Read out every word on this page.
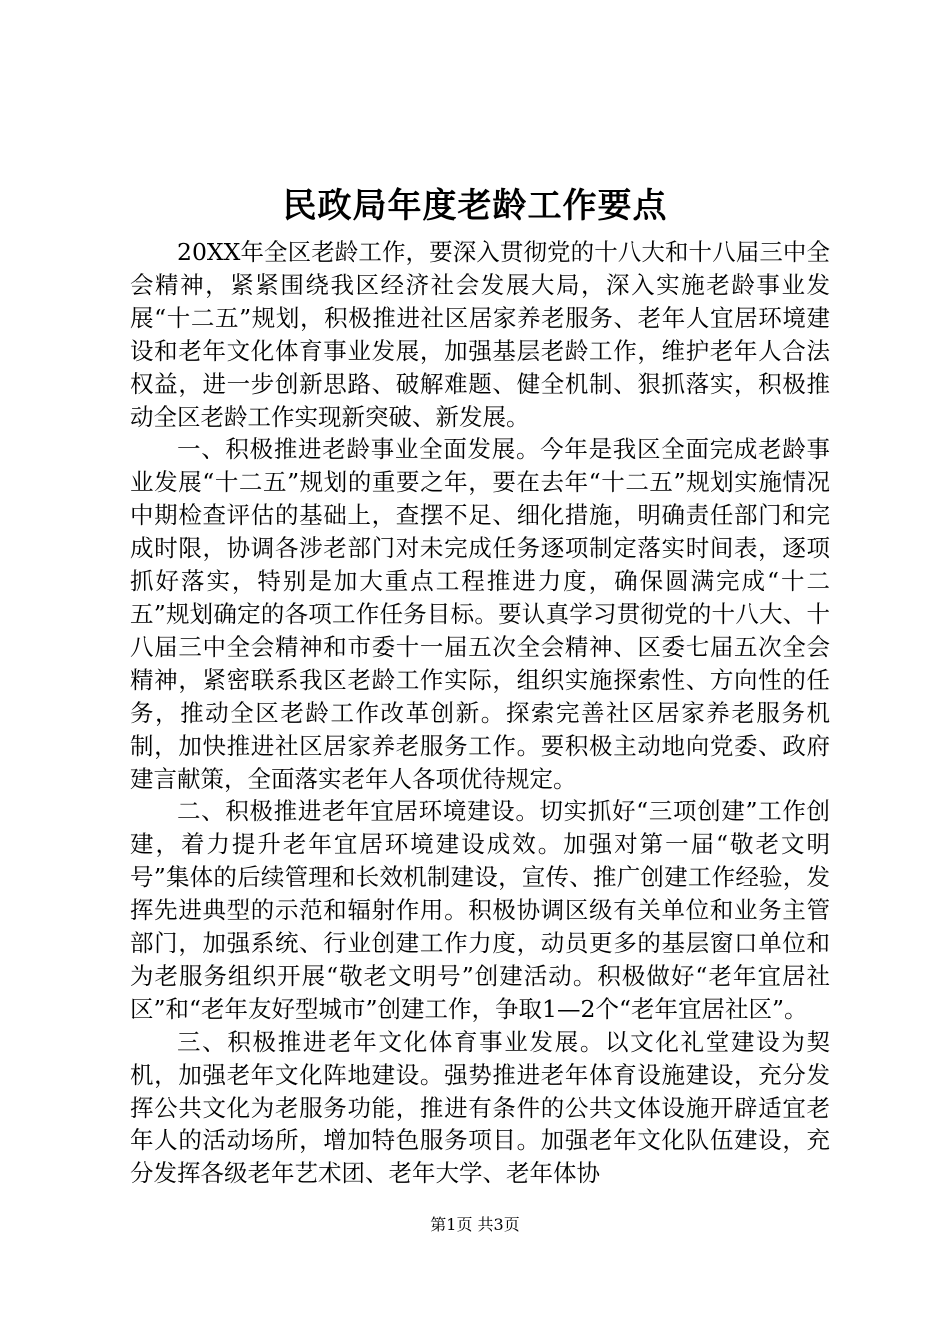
民政局年度老龄工作要点

20XX年全区老龄工作，要深入贯彻党的十八大和十八届三中全会精神，紧紧围绕我区经济社会发展大局，深入实施老龄事业发展“十二五”规划，积极推进社区居家养老服务、老年人宜居环境建设和老年文化体育事业发展，加强基层老龄工作，维护老年人合法权益，进一步创新思路、破解难题、健全机制、狠抓落实，积极推动全区老龄工作实现新突破、新发展。

一、积极推进老龄事业全面发展。今年是我区全面完成老龄事业发展“十二五”规划的重要之年，要在去年“十二五”规划实施情况中期检查评估的基础上，查摆不足、细化措施，明确责任部门和完成时限，协调各涉老部门对未完成任务逐项制定落实时间表，逐项抓好落实，特别是加大重点工程推进力度，确保圆满完成“十二五”规划确定的各项工作任务目标。要认真学习贯彻党的十八大、十八届三中全会精神和市委十一届五次全会精神、区委七届五次全会精神，紧密联系我区老龄工作实际，组织实施探索性、方向性的任务，推动全区老龄工作改革创新。探索完善社区居家养老服务机制，加快推进社区居家养老服务工作。要积极主动地向党委、政府建言献策，全面落实老年人各项优待规定。

二、积极推进老年宜居环境建设。切实抓好“三项创建”工作创建，着力提升老年宜居环境建设成效。加强对第一届“敬老文明号”集体的后续管理和长效机制建设，宣传、推广创建工作经验，发挥先进典型的示范和辐射作用。积极协调区级有关单位和业务主管部门，加强系统、行业创建工作力度，动员更多的基层窗口单位和为老服务组织开展“敬老文明号”创建活动。积极做好“老年宜居社区”和“老年友好型城市”创建工作，争取1—2个“老年宜居社区”。

三、积极推进老年文化体育事业发展。以文化礼堂建设为契机，加强老年文化阵地建设。强势推进老年体育设施建设，充分发挥公共文化为老服务功能，推进有条件的公共文体设施开辟适宜老年人的活动场所，增加特色服务项目。加强老年文化队伍建设，充分发挥各级老年艺术团、老年大学、老年体协

第1页 共3页
